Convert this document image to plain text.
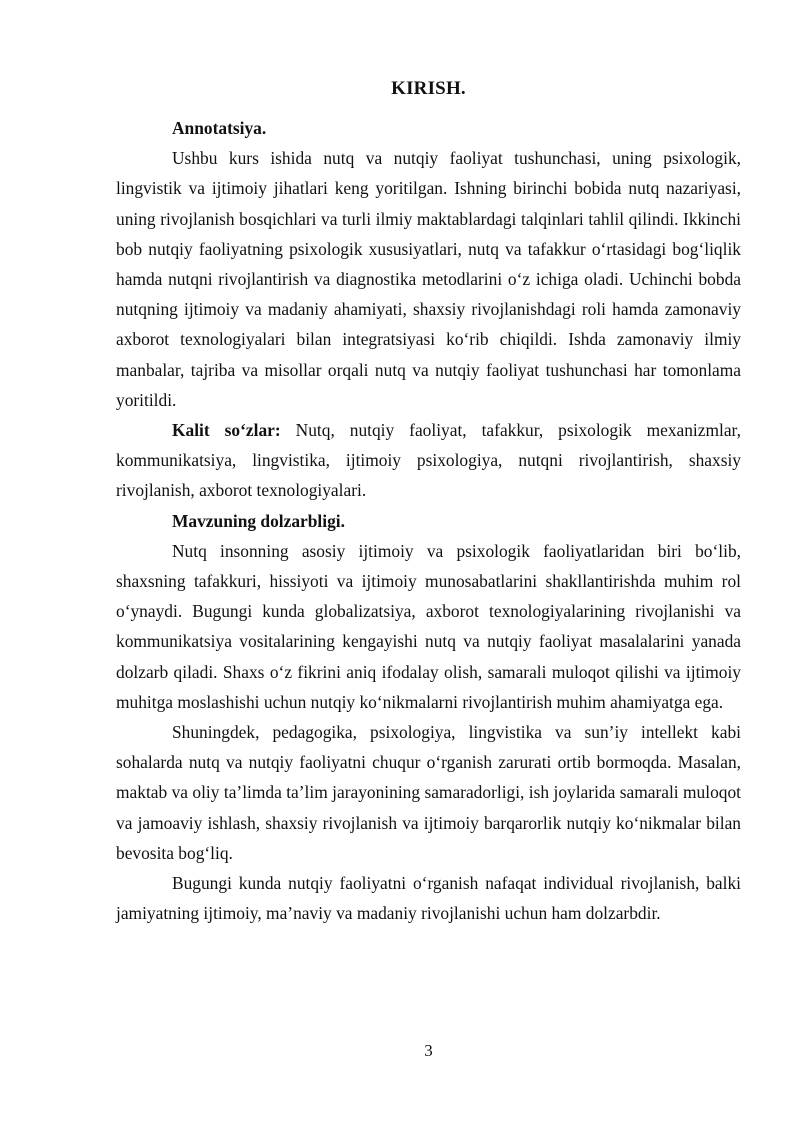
KIRISH.

Annotatsiya.

Ushbu kurs ishida nutq va nutqiy faoliyat tushunchasi, uning psixologik, lingvistik va ijtimoiy jihatlari keng yoritilgan. Ishning birinchi bobida nutq nazariyasi, uning rivojlanish bosqichlari va turli ilmiy maktablardagi talqinlari tahlil qilindi. Ikkinchi bob nutqiy faoliyatning psixologik xususiyatlari, nutq va tafakkur o‘rtasidagi bog‘liqlik hamda nutqni rivojlantirish va diagnostika metodlarini o‘z ichiga oladi. Uchinchi bobda nutqning ijtimoiy va madaniy ahamiyati, shaxsiy rivojlanishdagi roli hamda zamonaviy axborot texnologiyalari bilan integratsiyasi ko‘rib chiqildi. Ishda zamonaviy ilmiy manbalar, tajriba va misollar orqali nutq va nutqiy faoliyat tushunchasi har tomonlama yoritildi.

Kalit so‘zlar: Nutq, nutqiy faoliyat, tafakkur, psixologik mexanizmlar, kommunikatsiya, lingvistika, ijtimoiy psixologiya, nutqni rivojlantirish, shaxsiy rivojlanish, axborot texnologiyalari.

Mavzuning dolzarbligi.

Nutq insonning asosiy ijtimoiy va psixologik faoliyatlaridan biri bo‘lib, shaxsning tafakkuri, hissiyoti va ijtimoiy munosabatlarini shakllantirishda muhim rol o‘ynaydi. Bugungi kunda globalizatsiya, axborot texnologiyalarining rivojlanishi va kommunikatsiya vositalarining kengayishi nutq va nutqiy faoliyat masalalarini yanada dolzarb qiladi. Shaxs o‘z fikrini aniq ifodalay olish, samarali muloqot qilishi va ijtimoiy muhitga moslashishi uchun nutqiy ko‘nikmalarni rivojlantirish muhim ahamiyatga ega.

Shuningdek, pedagogika, psixologiya, lingvistika va sun’iy intellekt kabi sohalarda nutq va nutqiy faoliyatni chuqur o‘rganish zarurati ortib bormoqda. Masalan, maktab va oliy ta’limda ta’lim jarayonining samaradorligi, ish joylarida samarali muloqot va jamoaviy ishlash, shaxsiy rivojlanish va ijtimoiy barqarorlik nutqiy ko‘nikmalar bilan bevosita bog‘liq.

Bugungi kunda nutqiy faoliyatni o‘rganish nafaqat individual rivojlanish, balki jamiyatning ijtimoiy, ma’naviy va madaniy rivojlanishi uchun ham dolzarbdir.

3
